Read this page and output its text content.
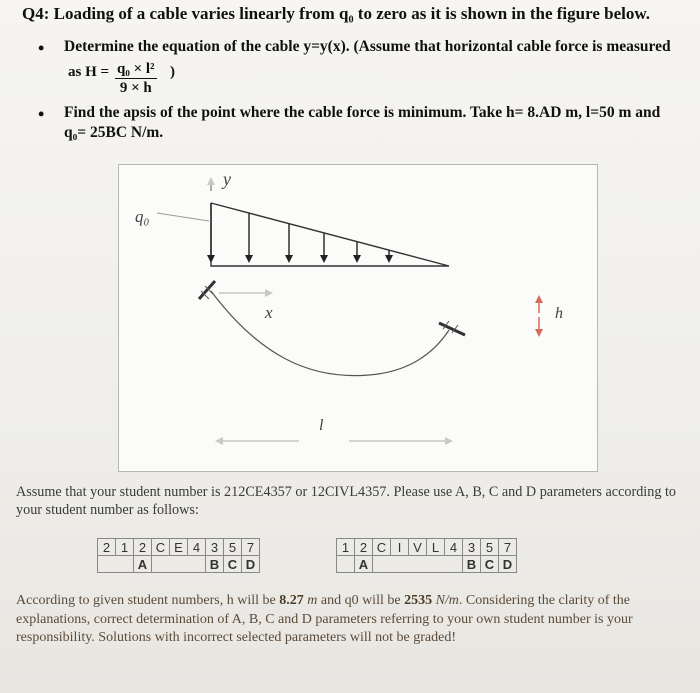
Q4: Loading of a cable varies linearly from q₀ to zero as it is shown in the figure below.
• Determine the equation of the cable y=y(x). (Assume that horizontal cable force is measured
as $H = \frac{\text{q₀ × l²}}{9 \times h}$ )
• Find the apsis of the point where the cable force is minimum. Take h= 8.AD m, l=50 m and
q₀= 25BC N/m.
y
q₀
x	h
l
Assume that your student number is 212CE4357 or 12CIVL4357. Please use A, B, C and D parameters according to your student number as follows:
2	1	2	C	E	4	3	5	7
		A				B	C	D
1	2	C	I	V	L	4	3	5	7
	A						B	C	D
According to given student numbers, h will be 8.27 m and q0 will be 2535 N/m. Considering the clarity of the explanations, correct determination of A, B, C and D parameters referring to your own student number is your responsibility. Solutions with incorrect selected parameters will not be graded!
